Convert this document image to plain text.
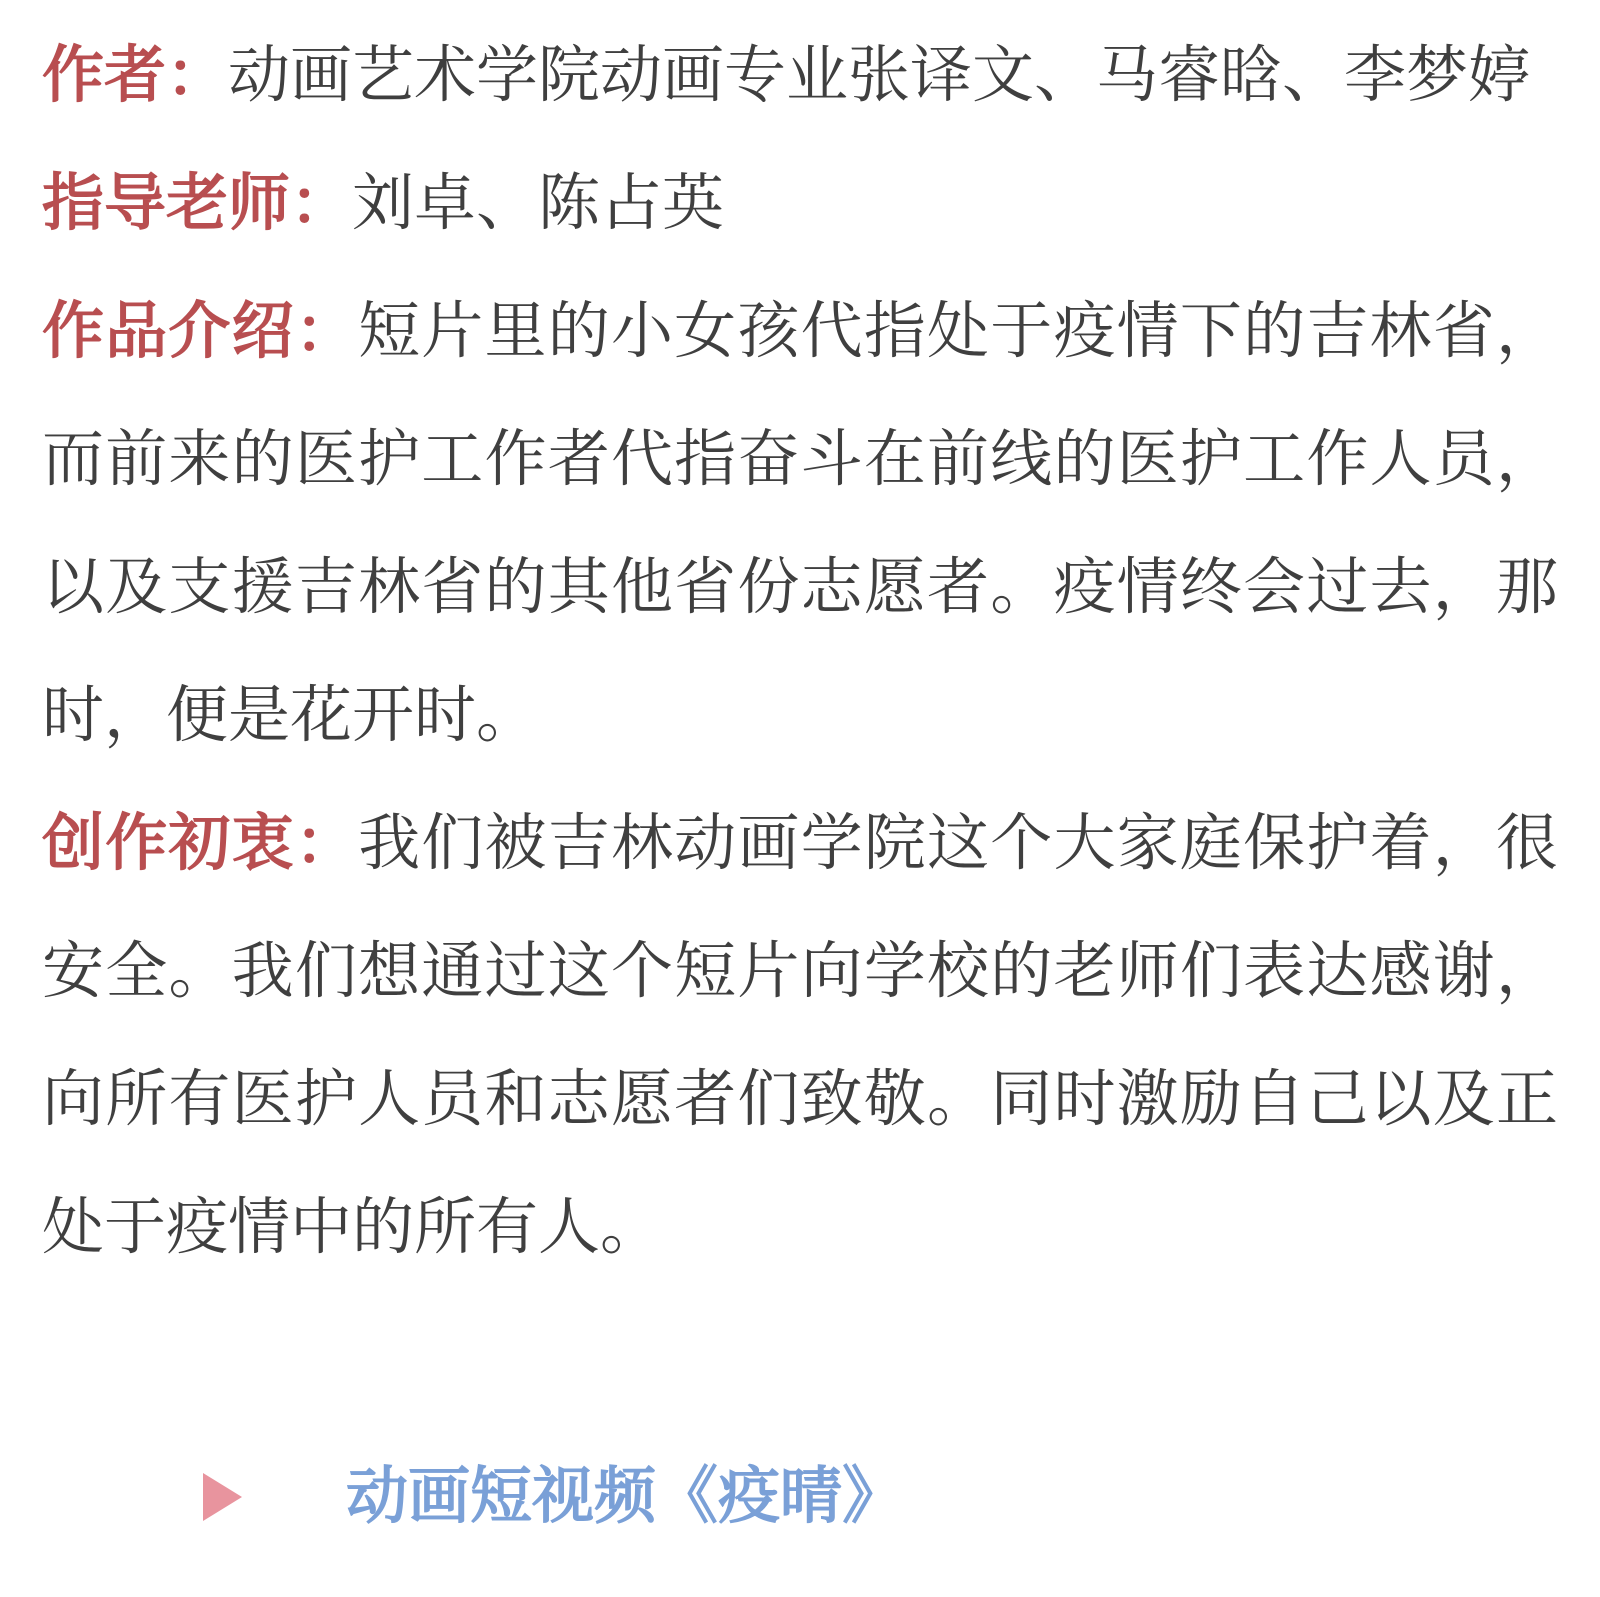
作者：动画艺术学院动画专业张译文、马睿晗、李梦婷

指导老师：刘卓、陈占英

作品介绍：短片里的小女孩代指处于疫情下的吉林省，而前来的医护工作者代指奋斗在前线的医护工作人员，以及支援吉林省的其他省份志愿者。疫情终会过去，那时，便是花开时。

创作初衷：我们被吉林动画学院这个大家庭保护着，很安全。我们想通过这个短片向学校的老师们表达感谢，向所有医护人员和志愿者们致敬。同时激励自己以及正处于疫情中的所有人。

动画短视频《疫晴》
